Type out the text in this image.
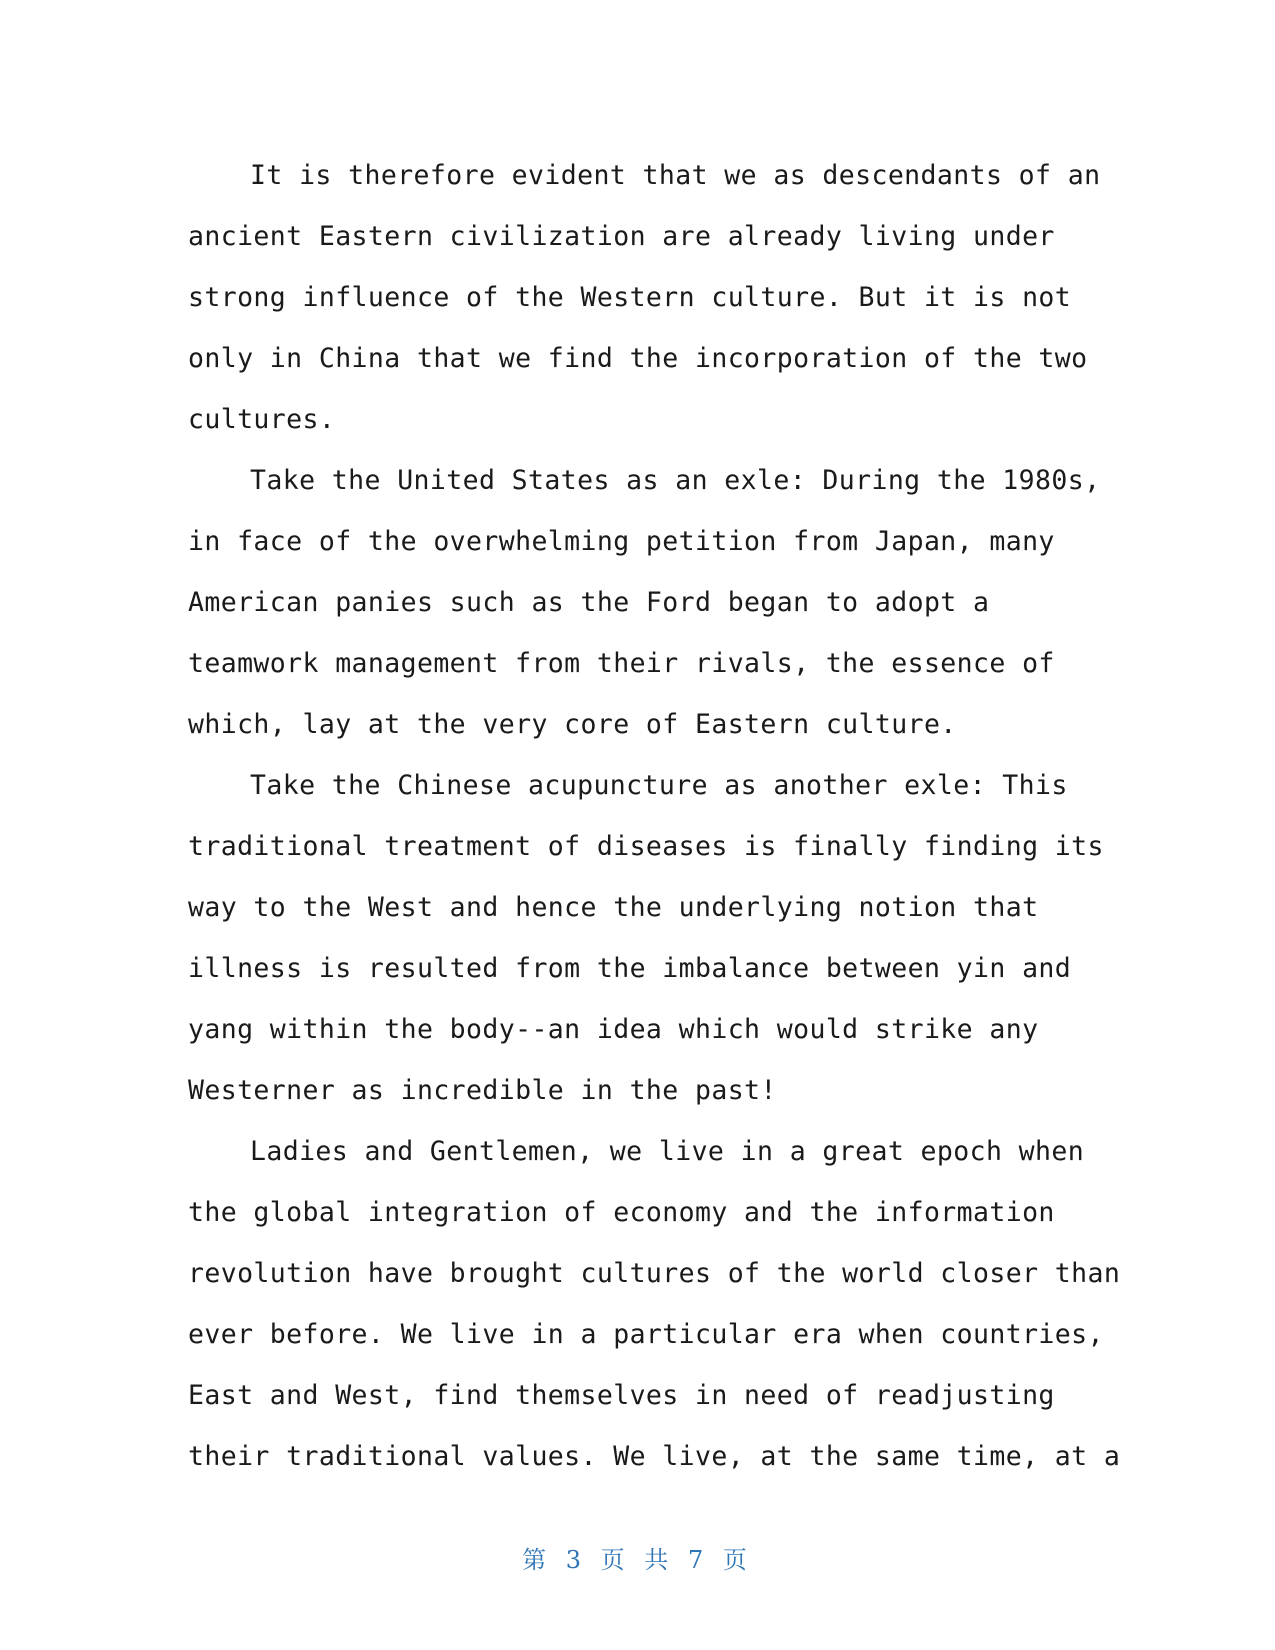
It is therefore evident that we as descendants of an
ancient Eastern civilization are already living under
strong influence of the Western culture. But it is not
only in China that we find the incorporation of the two
cultures.
Take the United States as an exle: During the 1980s,
in face of the overwhelming petition from Japan, many
American panies such as the Ford began to adopt a
teamwork management from their rivals, the essence of
which, lay at the very core of Eastern culture.
Take the Chinese acupuncture as another exle: This
traditional treatment of diseases is finally finding its
way to the West and hence the underlying notion that
illness is resulted from the imbalance between yin and
yang within the body--an idea which would strike any
Westerner as incredible in the past!
Ladies and Gentlemen, we live in a great epoch when
the global integration of economy and the information
revolution have brought cultures of the world closer than
ever before. We live in a particular era when countries,
East and West, find themselves in need of readjusting
their traditional values. We live, at the same time, at a
第 3 页 共 7 页
